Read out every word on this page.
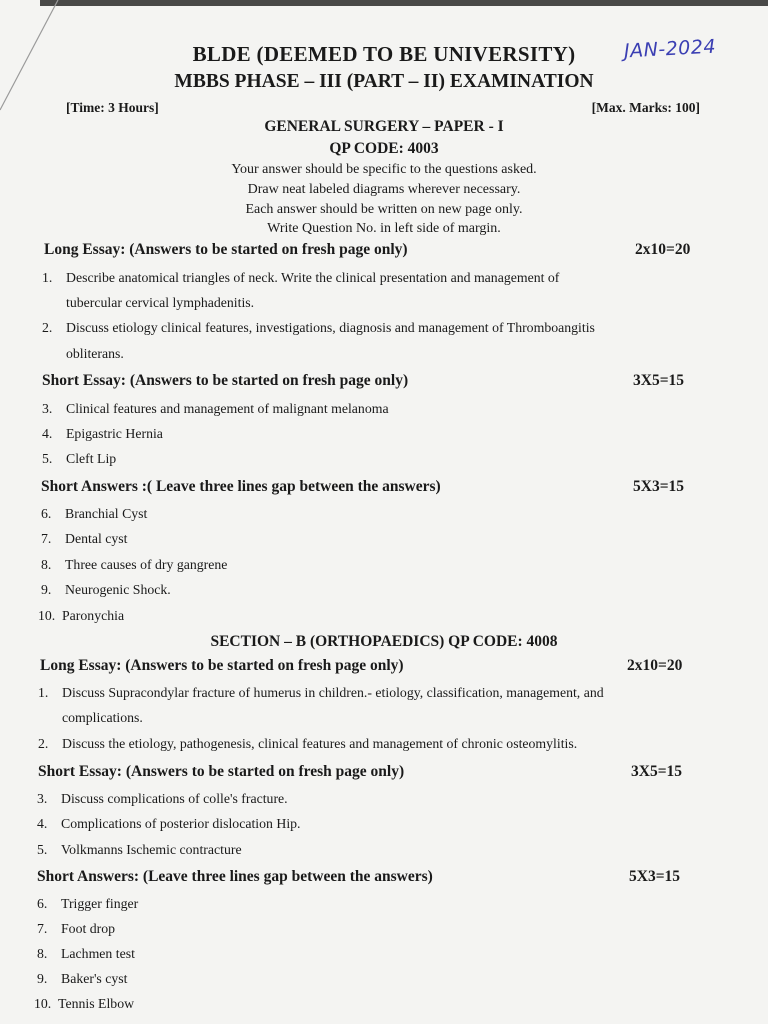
BLDE (DEEMED TO BE UNIVERSITY)	JAN-2024
MBBS PHASE – III (PART – II) EXAMINATION
[Time: 3 Hours]	[Max. Marks: 100]
GENERAL SURGERY – PAPER - I
QP CODE: 4003
Your answer should be specific to the questions asked.
Draw neat labeled diagrams wherever necessary.
Each answer should be written on new page only.
Write Question No. in left side of margin.
Long Essay: (Answers to be started on fresh page only)	2x10=20
1. Describe anatomical triangles of neck. Write the clinical presentation and management of
tubercular cervical lymphadenitis.
2. Discuss etiology clinical features, investigations, diagnosis and management of Thromboangitis
obliterans.
Short Essay: (Answers to be started on fresh page only)	3X5=15
3. Clinical features and management of malignant melanoma
4. Epigastric Hernia
5. Cleft Lip
Short Answers :( Leave three lines gap between the answers)	5X3=15
6. Branchial Cyst
7. Dental cyst
8. Three causes of dry gangrene
9. Neurogenic Shock.
10. Paronychia
SECTION – B (ORTHOPAEDICS) QP CODE: 4008
Long Essay: (Answers to be started on fresh page only)	2x10=20
1. Discuss Supracondylar fracture of humerus in children.- etiology, classification, management, and
complications.
2. Discuss the etiology, pathogenesis, clinical features and management of chronic osteomylitis.
Short Essay: (Answers to be started on fresh page only)	3X5=15
3. Discuss complications of colle's fracture.
4. Complications of posterior dislocation Hip.
5. Volkmanns Ischemic contracture
Short Answers: (Leave three lines gap between the answers)	5X3=15
6. Trigger finger
7. Foot drop
8. Lachmen test
9. Baker's cyst
10. Tennis Elbow
